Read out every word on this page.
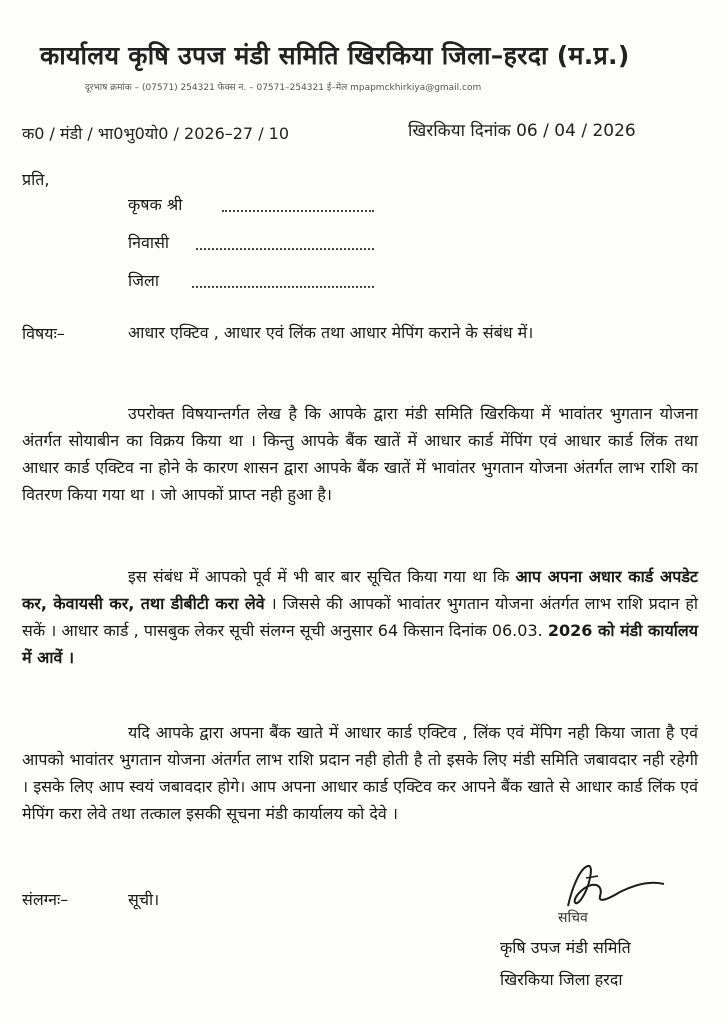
कार्यालय कृषि उपज मंडी समिति खिरकिया जिला–हरदा (म.प्र.)
दूरभाष क्रमांक – (07571) 254321 फेक्स न. – 07571–254321 ई–मेल mpapmckhirkiya@gmail.com
क0 / मंडी / भा0भु0यो0 / 2026–27 / 10	खिरकिया दिनांक 06 / 04 / 2026
प्रति,
कृषक श्री
निवासी
जिला
विषयः–	आधार एक्टिव , आधार एवं लिंक तथा आधार मेपिंग कराने के संबंध में।
उपरोक्त विषयान्तर्गत लेख है कि आपके द्वारा मंडी समिति खिरकिया में भावांतर भुगतान योजना अंतर्गत सोयाबीन का विक्रय किया था । किन्तु आपके बैंक खातें में आधार कार्ड मेंपिंग एवं आधार कार्ड लिंक तथा आधार कार्ड एक्टिव ना होने के कारण शासन द्वारा आपके बैंक खातें में भावांतर भुगतान योजना अंतर्गत लाभ राशि का वितरण किया गया था । जो आपकों प्राप्त नही हुआ है।
इस संबंध में आपको पूर्व में भी बार बार सूचित किया गया था कि आप अपना अधार कार्ड अपडेट कर, केवायसी कर, तथा डीबीटी करा लेवे । जिससे की आपकों भावांतर भुगतान योजना अंतर्गत लाभ राशि प्रदान हो सकें । आधार कार्ड , पासबुक लेकर सूची संलग्न सूची अनुसार 64 किसान दिनांक 06.03. 2026 को मंडी कार्यालय में आवें ।
यदि आपके द्वारा अपना बैंक खाते में आधार कार्ड एक्टिव , लिंक एवं मेंपिग नही किया जाता है एवं आपको भावांतर भुगतान योजना अंतर्गत लाभ राशि प्रदान नही होती है तो इसके लिए मंडी समिति जबावदार नही रहेगी । इसके लिए आप स्वयं जबावदार होगे। आप अपना आधार कार्ड एक्टिव कर आपने बैंक खाते से आधार कार्ड लिंक एवं मेपिंग करा लेवे तथा तत्काल इसकी सूचना मंडी कार्यालय को देवे ।
संलग्नः–	सूची।
सचिव
कृषि उपज मंडी समिति
खिरकिया जिला हरदा
